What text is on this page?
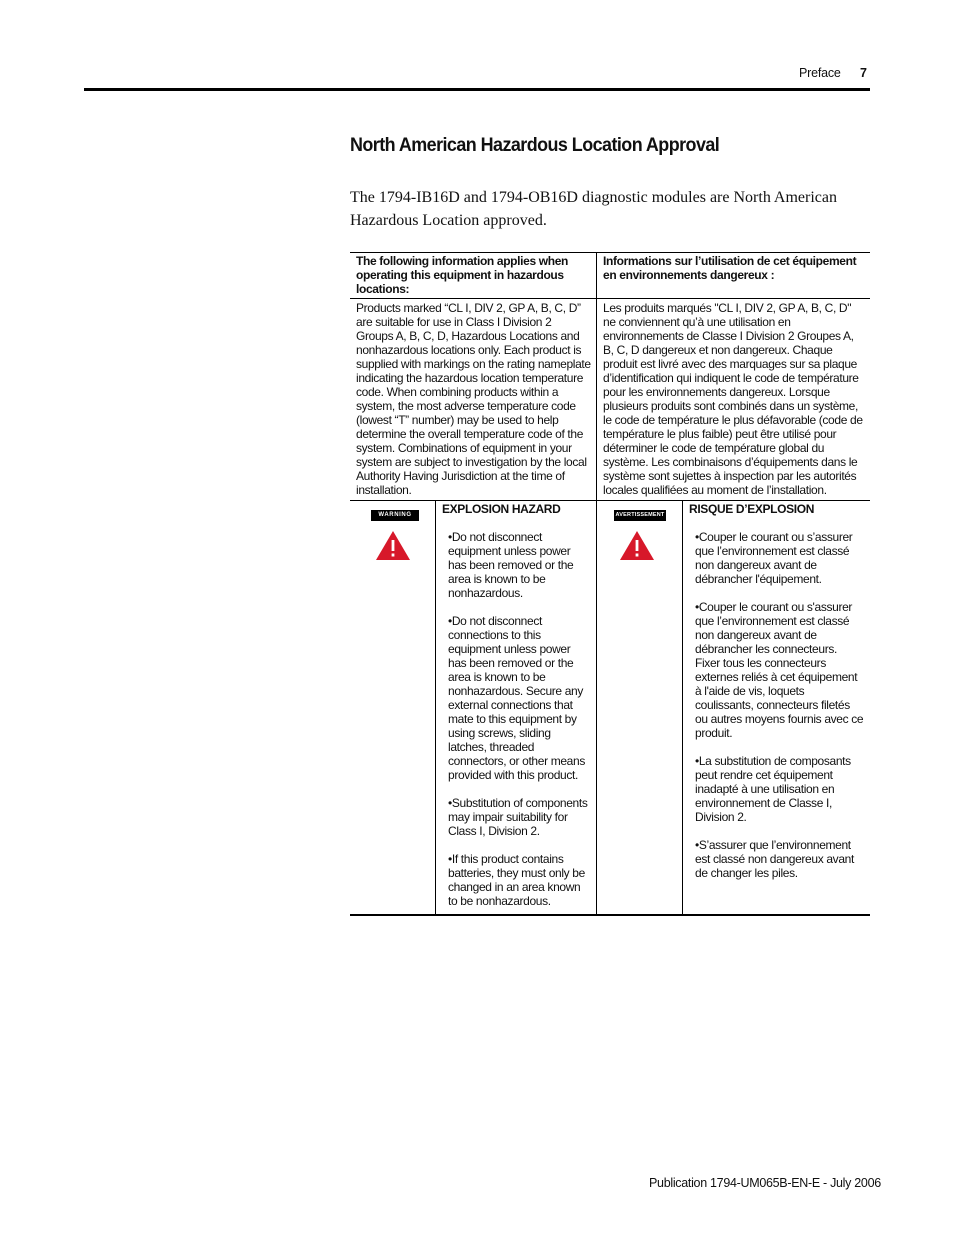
Preface 7
North American Hazardous Location Approval

The 1794-IB16D and 1794-OB16D diagnostic modules are North American Hazardous Location approved.

The following information applies when operating this equipment in hazardous locations:
Informations sur l’utilisation de cet équipement en environnements dangereux :
Products marked “CL I, DIV 2, GP A, B, C, D” are suitable for use in Class I Division 2 Groups A, B, C, D, Hazardous Locations and nonhazardous locations only. Each product is supplied with markings on the rating nameplate indicating the hazardous location temperature code. When combining products within a system, the most adverse temperature code (lowest “T” number) may be used to help determine the overall temperature code of the system. Combinations of equipment in your system are subject to investigation by the local Authority Having Jurisdiction at the time of installation.
Les produits marqués "CL I, DIV 2, GP A, B, C, D" ne conviennent qu’à une utilisation en environnements de Classe I Division 2 Groupes A, B, C, D dangereux et non dangereux. Chaque produit est livré avec des marquages sur sa plaque d’identification qui indiquent le code de température pour les environnements dangereux. Lorsque plusieurs produits sont combinés dans un système, le code de température le plus défavorable (code de température le plus faible) peut être utilisé pour déterminer le code de température global du système. Les combinaisons d’équipements dans le système sont sujettes à inspection par les autorités locales qualifiées au moment de l’installation.
WARNING	EXPLOSION HAZARD
•Do not disconnect equipment unless power has been removed or the area is known to be nonhazardous.
•Do not disconnect connections to this equipment unless power has been removed or the area is known to be nonhazardous. Secure any external connections that mate to this equipment by using screws, sliding latches, threaded connectors, or other means provided with this product.
•Substitution of components may impair suitability for Class I, Division 2.
•If this product contains batteries, they must only be changed in an area known to be nonhazardous.
AVERTISSEMENT RISQUE D’EXPLOSION
•Couper le courant ou s’assurer que l’environnement est classé non dangereux avant de débrancher l'équipement.
•Couper le courant ou s'assurer que l’environnement est classé non dangereux avant de débrancher les connecteurs. Fixer tous les connecteurs externes reliés à cet équipement à l'aide de vis, loquets coulissants, connecteurs filetés ou autres moyens fournis avec ce produit.
•La substitution de composants peut rendre cet équipement inadapté à une utilisation en environnement de Classe I, Division 2.
•S’assurer que l’environnement est classé non dangereux avant de changer les piles.
Publication 1794-UM065B-EN-E - July 2006
